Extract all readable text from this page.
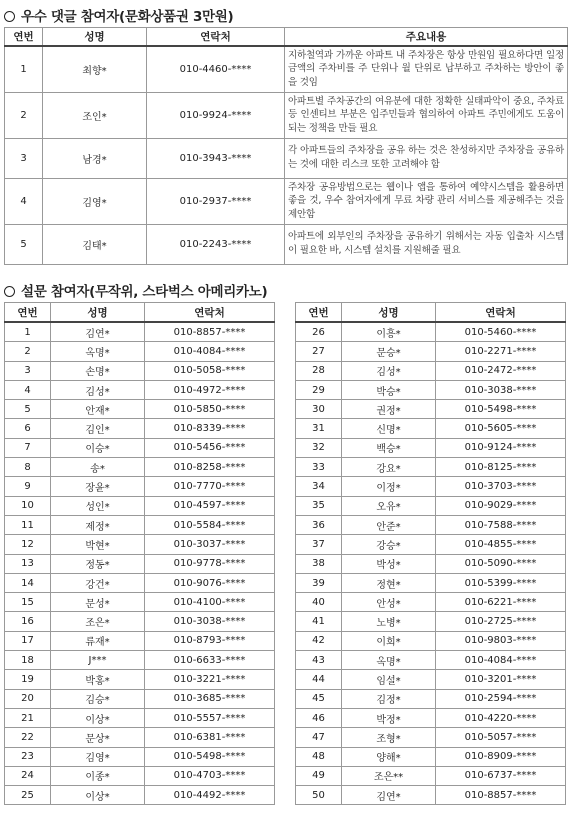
우수 댓글 참여자(문화상품권 3만원)
연번	성명	연락처	주요내용
1	최향*	010-4460-****	지하철역과 가까운 아파트 내 주차장은 항상 만원임 필요하다면 일정 금액의 주차비를 주 단위나 월 단위로 납부하고 주차하는 방안이 좋을 것임
2	조인*	010-9924-****	아파트별 주차공간의 여유분에 대한 정확한 실태파악이 중요, 주차료 등 인센티브 부분은 입주민들과 협의하여 아파트 주민에게도 도움이 되는 정책을 만들 필요
3	남경*	010-3943-****	각 아파트들의 주차장을 공유 하는 것은 찬성하지만 주차장을 공유하는 것에 대한 리스크 또한 고려해야 함
4	김영*	010-2937-****	주차장 공유방법으로는 웹이나 앱을 통하여 예약시스템을 활용하면 좋을 것, 우수 참여자에게 무료 차량 관리 서비스를 제공해주는 것을 제안함
5	김태*	010-2243-****	아파트에 외부인의 주차장을 공유하기 위해서는 자동 입출차 시스템이 필요한 바, 시스템 설치를 지원해줄 필요
설문 참여자(무작위, 스타벅스 아메리카노)
연번	성명	연락처
1	김연*	010-8857-****
2	옥명*	010-4084-****
3	손명*	010-5058-****
4	김성*	010-4972-****
5	안재*	010-5850-****
6	김인*	010-8339-****
7	이승*	010-5456-****
8	송*	010-8258-****
9	장윤*	010-7770-****
10	성인*	010-4597-****
11	제정*	010-5584-****
12	박현*	010-3037-****
13	정동*	010-9778-****
14	강건*	010-9076-****
15	문성*	010-4100-****
16	조은*	010-3038-****
17	류재*	010-8793-****
18	J***	010-6633-****
19	박홍*	010-3221-****
20	김승*	010-3685-****
21	이상*	010-5557-****
22	문상*	010-6381-****
23	김영*	010-5498-****
24	이종*	010-4703-****
25	이상*	010-4492-****
연번	성명	연락처
26	이흥*	010-5460-****
27	문승*	010-2271-****
28	김성*	010-2472-****
29	박승*	010-3038-****
30	권정*	010-5498-****
31	신명*	010-5605-****
32	백승*	010-9124-****
33	강요*	010-8125-****
34	이정*	010-3703-****
35	오유*	010-9029-****
36	안준*	010-7588-****
37	강승*	010-4855-****
38	박성*	010-5090-****
39	정현*	010-5399-****
40	안성*	010-6221-****
41	노병*	010-2725-****
42	이희*	010-9803-****
43	옥명*	010-4084-****
44	임설*	010-3201-****
45	김정*	010-2594-****
46	박정*	010-4220-****
47	조형*	010-5057-****
48	양해*	010-8909-****
49	조은**	010-6737-****
50	김연*	010-8857-****
